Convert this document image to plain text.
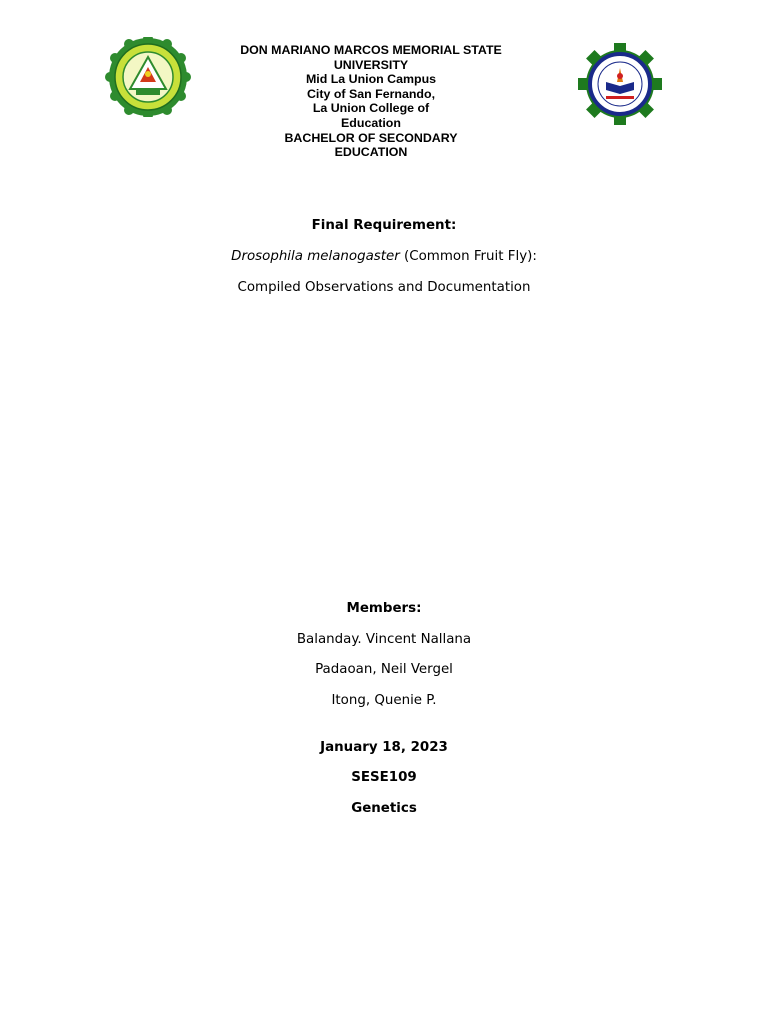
DON MARIANO MARCOS MEMORIAL STATE
UNIVERSITY
Mid La Union Campus
City of San Fernando,
La Union College of
Education
BACHELOR OF SECONDARY
EDUCATION
Final Requirement:
Drosophila melanogaster (Common Fruit Fly):
Compiled Observations and Documentation
Members:
Balanday. Vincent Nallana
Padaoan, Neil Vergel
Itong, Quenie P.
January 18, 2023
SESE109
Genetics
